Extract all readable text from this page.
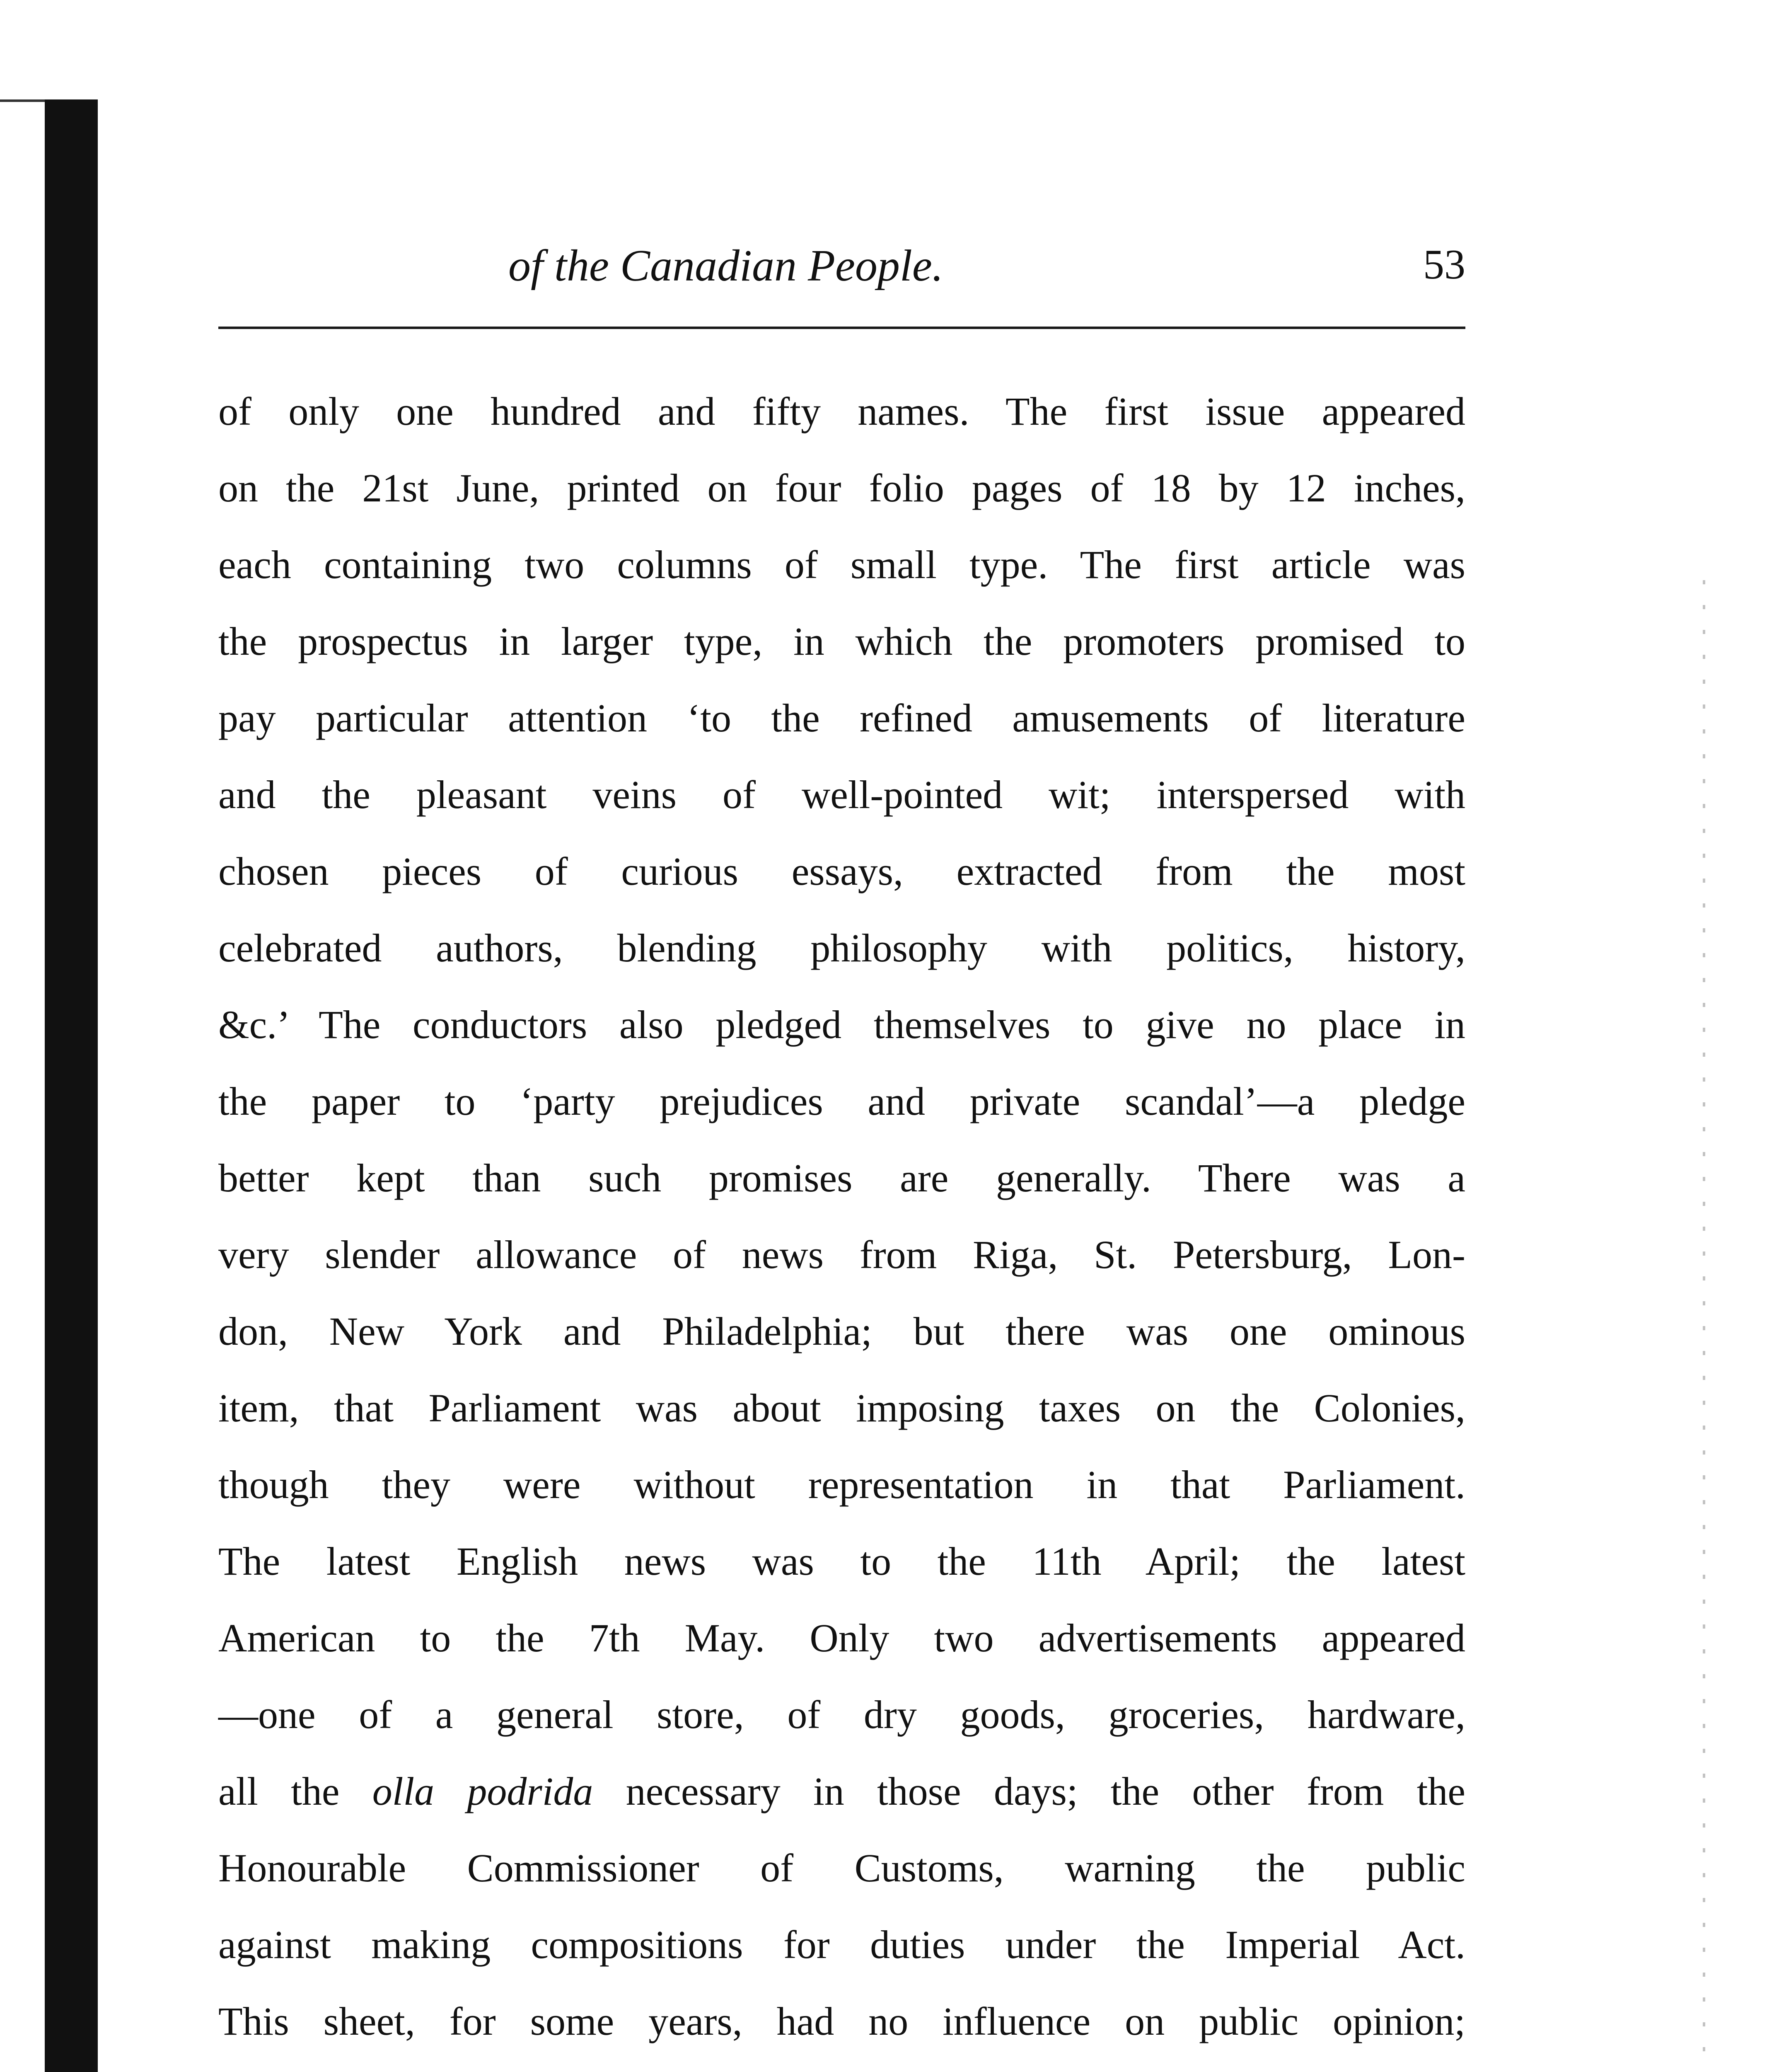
of the Canadian People.	53
of only one hundred and fifty names. The first issue appeared
on the 21st June, printed on four folio pages of 18 by 12 inches,
each containing two columns of small type. The first article was
the prospectus in larger type, in which the promoters promised to
pay particular attention ‘to the refined amusements of literature
and the pleasant veins of well-pointed wit; interspersed with
chosen pieces of curious essays, extracted from the most
celebrated authors, blending philosophy with politics, history,
&c.’ The conductors also pledged themselves to give no place in
the paper to ‘party prejudices and private scandal’—a pledge
better kept than such promises are generally. There was a
very slender allowance of news from Riga, St. Petersburg, Lon-
don, New York and Philadelphia; but there was one ominous
item, that Parliament was about imposing taxes on the Colonies,
though they were without representation in that Parliament.
The latest English news was to the 11th April; the latest
American to the 7th May. Only two advertisements appeared
—one of a general store, of dry goods, groceries, hardware,
all the olla podrida necessary in those days; the other from the
Honourable Commissioner of Customs, warning the public
against making compositions for duties under the Imperial Act.
This sheet, for some years, had no influence on public opinion;
